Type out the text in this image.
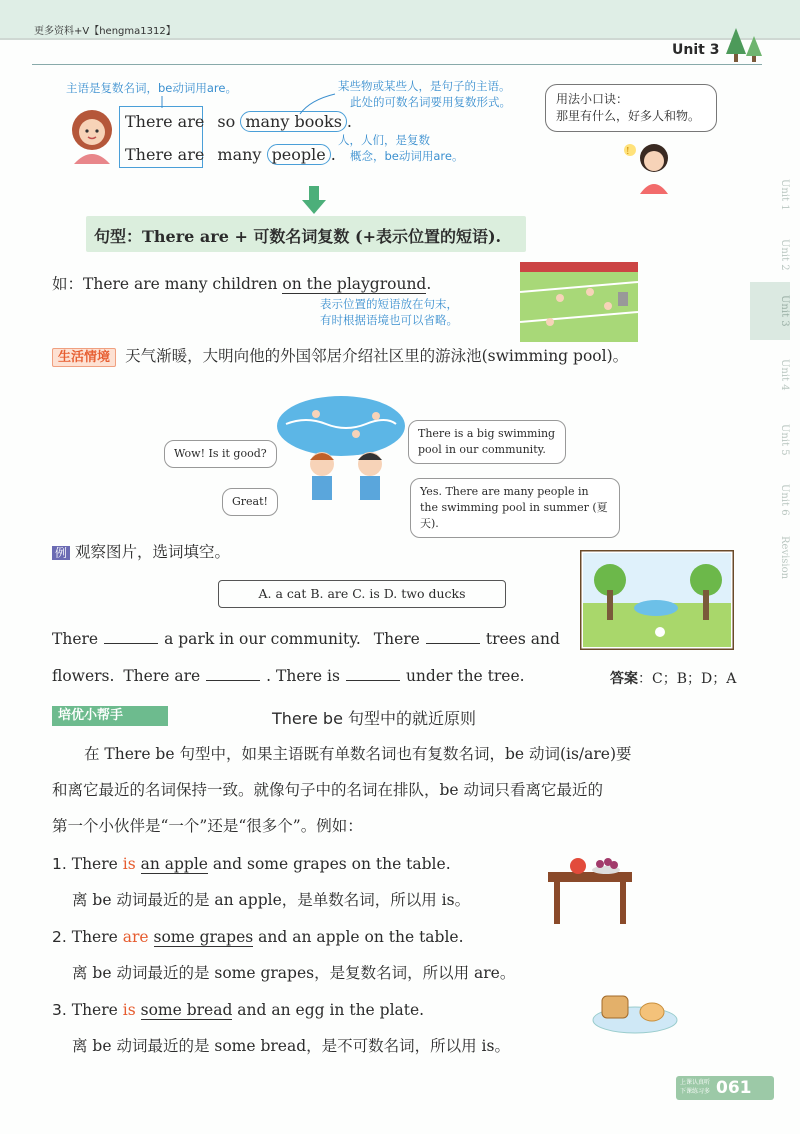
更多资料+V【hengma1312】
Unit 3
Unit 1
Unit 2
Unit 3
Unit 4
Unit 5
Unit 6
Revision
主语是复数名词，be动词用are。	某些物或某些人，是句子的主语。
此处的可数名词要用复数形式。
人，人们，是复数
概念，be动词用are。
There are so many books .
There are many people .
用法小口诀：
那里有什么，好多人和物。
!
句型：There are + 可数名词复数 (+表示位置的短语).
如：There are many children on the playground.
表示位置的短语放在句末，
有时根据语境也可以省略。
生活情境 天气渐暖，大明向他的外国邻居介绍社区里的游泳池(swimming pool)。
Wow! Is it good?
There is a big swimming pool in our community.
Great!
Yes. There are many people in the swimming pool in summer (夏天).
例 观察图片，选词填空。
A. a cat B. are C. is D. two ducks
There	a park in our community. There	trees and
flowers. There are	. There is	under the tree.	答案：C；B；D；A
培优小帮手	There be 句型中的就近原则
在 There be 句型中，如果主语既有单数名词也有复数名词，be 动词(is/are)要
和离它最近的名词保持一致。就像句子中的名词在排队，be 动词只看离它最近的
第一个小伙伴是“一个”还是“很多个”。例如：
1. There is an apple and some grapes on the table.
离 be 动词最近的是 an apple，是单数名词，所以用 is。
2. There are some grapes and an apple on the table.
离 be 动词最近的是 some grapes，是复数名词，所以用 are。
3. There is some bread and an egg in the plate.
离 be 动词最近的是 some bread，是不可数名词，所以用 is。
上课认真听
下课练习多 061
